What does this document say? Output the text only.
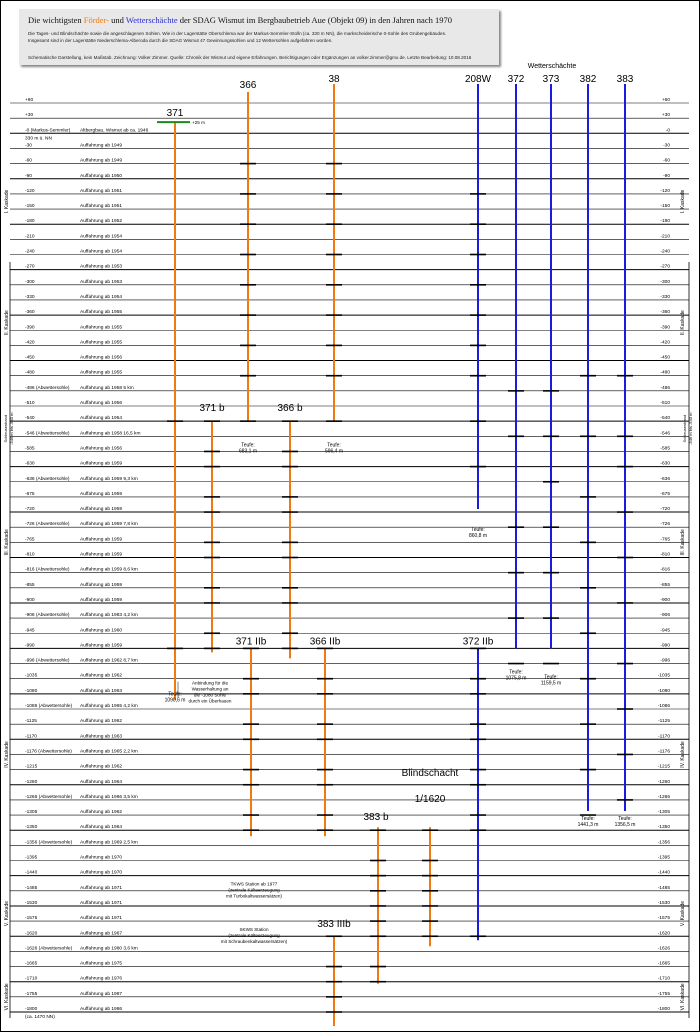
Die wichtigsten Förder- und Wetterschächte der SDAG Wismut im Bergbaubetrieb Aue (Objekt 09) in den Jahren nach 1970
Die Tages- und Blindschächte sowie die angeschlagenen Sohlen. Wie in der Lagerstätte Oberschlema war der Markus-Semmler-Stolln (ca. 330 m NN), die markscheiderische 0-Sohle des Grubengebäudes.
Insgesamt sind in der Lagerstätte Niederschlema-Alberoda durch die SDAG Wismut 47 Gewinnungssohlen und 12 Wettersohlen aufgefahren worden.
Schematische Darstellung, kein Maßstab. Zeichnung: Volker Zimmer. Quelle: Chronik der Wismut und eigene Erfahrungen. Berichtigungen oder Ergänzungen an volker.zimmer@gmx.de. Letzte Bearbeitung: 10.08.2016
+60	+60
+30	+30
-0 (Markus-Semmler) Altbergbau, Wismut ab ca. 1946	-0
330 m ü. NN
-30	Auffahrung ab 1949	-30
-60	Auffahrung ab 1949	-60
-90	Auffahrung ab 1950	-90
-120	Auffahrung ab 1951	-120
-150	Auffahrung ab 1951	-150
-180	Auffahrung ab 1952	-180
-210	Auffahrung ab 1954	-210
-240	Auffahrung ab 1954	-240
-270	Auffahrung ab 1953	-270
-300	Auffahrung ab 1953	-300
-330	Auffahrung ab 1954	-330
-360	Auffahrung ab 1955	-360
-390	Auffahrung ab 1955	-390
-420	Auffahrung ab 1955	-420
-450	Auffahrung ab 1956	-450
-480	Auffahrung ab 1955	-480
-486 (Abwettersohle) Auffahrung ab 1958 5 km	-486
-510	Auffahrung ab 1956	-510
-540	Auffahrung ab 1954	-540
-546 (Abwettersohle) Auffahrung ab 1958 16,5 km	-546
-585	Auffahrung ab 1956	-585
-630	Auffahrung ab 1959	-630
-636 (Abwettersohle) Auffahrung ab 1959 9,3 km	-636
-675	Auffahrung ab 1959	-675
-720	Auffahrung ab 1959	-720
-726 (Abwettersohle) Auffahrung ab 1959 7,8 km	-726
-765	Auffahrung ab 1959	-765
-810	Auffahrung ab 1959	-810
-816 (Abwettersohle) Auffahrung ab 1959 8,6 km	-816
-855	Auffahrung ab 1959	-855
-900	Auffahrung ab 1959	-900
-906 (Abwettersohle) Auffahrung ab 1983 4,2 km	-906
-945	Auffahrung ab 1960	-945
-990	Auffahrung ab 1959	-990
-996 (Abwettersohle) Auffahrung ab 1962 8,7 km	-996
-1035	Auffahrung ab 1962	-1035
-1080	Auffahrung ab 1963	-1080
-1086 (Abwettersohle) Auffahrung ab 1965 4,2 km	-1086
-1125	Auffahrung ab 1962	-1125
-1170	Auffahrung ab 1963	-1170
-1176 (Abwettersohle) Auffahrung ab 1965 2,2 km	-1176
-1215	Auffahrung ab 1962	-1215
-1260	Auffahrung ab 1964	-1260
-1266 (Abwettersohle) Auffahrung ab 1966 3,5 km	-1266
-1305	Auffahrung ab 1962	-1305
-1350	Auffahrung ab 1964	-1350
-1356 (Abwettersohle) Auffahrung ab 1969 2,5 km	-1356
-1395	Auffahrung ab 1970	-1395
-1440	Auffahrung ab 1970	-1440
-1485	Auffahrung ab 1971	-1485
-1530	Auffahrung ab 1971	-1530
-1575	Auffahrung ab 1971	-1575
-1620	Auffahrung ab 1967	-1620
-1626 (Abwettersohle) Auffahrung ab 1980 3,6 km	-1626
-1665	Auffahrung ab 1975	-1665
-1710	Auffahrung ab 1976	-1710
-1755	Auffahrung ab 1987	-1755
-1800	Auffahrung ab 1986	-1800
(ca. 1470 NN)
I. Kaskade	I. Kaskade
II. Kaskade	II. Kaskade
III. Kaskade	III. Kaskade
IV. Kaskade	IV. Kaskade
V. Kaskade	V. Kaskade
VI. Kaskade	VI. Kaskade
Schleusenband -546 m bis -540 m	Schleusenband -546 m bis -540 m
Wetterschächte
371
Teufe:
1090,6 m
366
Teufe:
683,1 m
38
Teufe:
596,4 m
208W
Teufe:
860,8 m
372
Teufe:
1075,8 m
373
Teufe:
1159,5 m
382
Teufe:
1441,3 m
383
Teufe:
1356,5 m
371 b	366 b
371 IIb	366 IIb	372 IIb
383 b
Blindschacht
1/1620
383 IIIb
+25 m
Anbindung für die
Wasserhaltung an
die -1080 Sohle
durch ein Überhauen
TKWS Station ab 1977
(zentrale Kälteerzeugung
mit Turbokaltwassersätzen)
SKWS Station
(zentrale Kälteerzeugung
mit Schraubenkaltwassersätzen)
